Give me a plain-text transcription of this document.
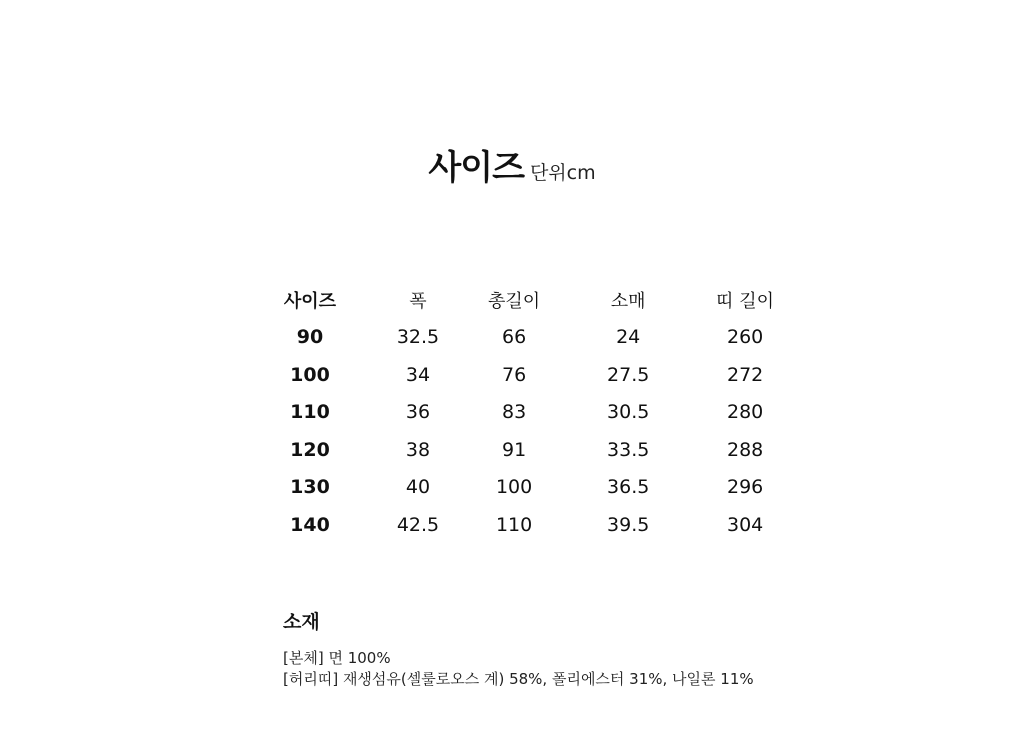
사이즈 단위cm
사이즈	폭	총길이	소매	띠 길이
90	32.5	66	24	260
100	34	76	27.5	272
110	36	83	30.5	280
120	38	91	33.5	288
130	40	100	36.5	296
140	42.5	110	39.5	304
소재
[본체] 면 100%
[허리띠] 재생섬유(셀룰로오스 계) 58%, 폴리에스터 31%, 나일론 11%
